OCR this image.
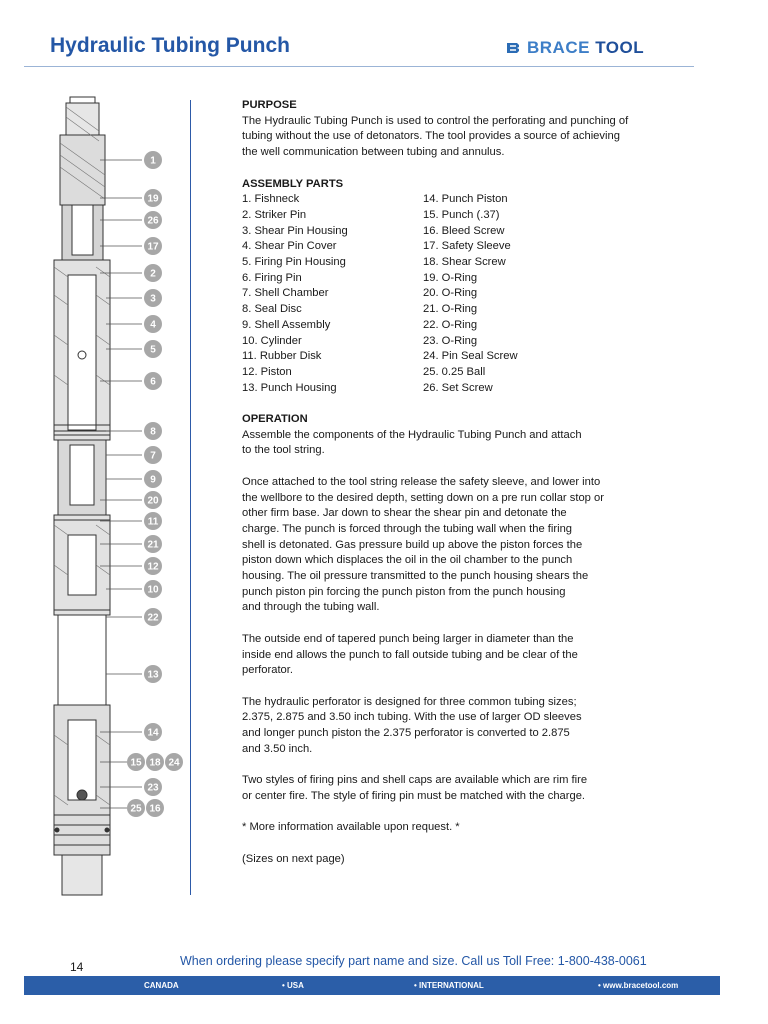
Hydraulic Tubing Punch	BRACE TOOL
1
19
26
17
2
3
4
5
6
8
7
9
20
11
21
12
10
22
13
14
15 18 24
23
25 16
PURPOSE
The Hydraulic Tubing Punch is used to control the perforating and punching of
tubing without the use of detonators. The tool provides a source of achieving
the well communication between tubing and annulus.
ASSEMBLY PARTS
1. Fishneck
2. Striker Pin
3. Shear Pin Housing
4. Shear Pin Cover
5. Firing Pin Housing
6. Firing Pin
7. Shell Chamber
8. Seal Disc
9. Shell Assembly
10. Cylinder
11. Rubber Disk
12. Piston
13. Punch Housing
14. Punch Piston
15. Punch (.37)
16. Bleed Screw
17. Safety Sleeve
18. Shear Screw
19. O-Ring
20. O-Ring
21. O-Ring
22. O-Ring
23. O-Ring
24. Pin Seal Screw
25. 0.25 Ball
26. Set Screw
OPERATION
Assemble the components of the Hydraulic Tubing Punch and attach
to the tool string.
Once attached to the tool string release the safety sleeve, and lower into
the wellbore to the desired depth, setting down on a pre run collar stop or
other firm base. Jar down to shear the shear pin and detonate the
charge. The punch is forced through the tubing wall when the firing
shell is detonated. Gas pressure build up above the piston forces the
piston down which displaces the oil in the oil chamber to the punch
housing. The oil pressure transmitted to the punch housing shears the
punch piston pin forcing the punch piston from the punch housing
and through the tubing wall.
The outside end of tapered punch being larger in diameter than the
inside end allows the punch to fall outside tubing and be clear of the
perforator.
The hydraulic perforator is designed for three common tubing sizes;
2.375, 2.875 and 3.50 inch tubing. With the use of larger OD sleeves
and longer punch piston the 2.375 perforator is converted to 2.875
and 3.50 inch.
Two styles of firing pins and shell caps are available which are rim fire
or center fire. The style of firing pin must be matched with the charge.
* More information available upon request. *
(Sizes on next page)
14	When ordering please specify part name and size. Call us Toll Free: 1-800-438-0061
CANADA	• USA	• INTERNATIONAL	• www.bracetool.com
